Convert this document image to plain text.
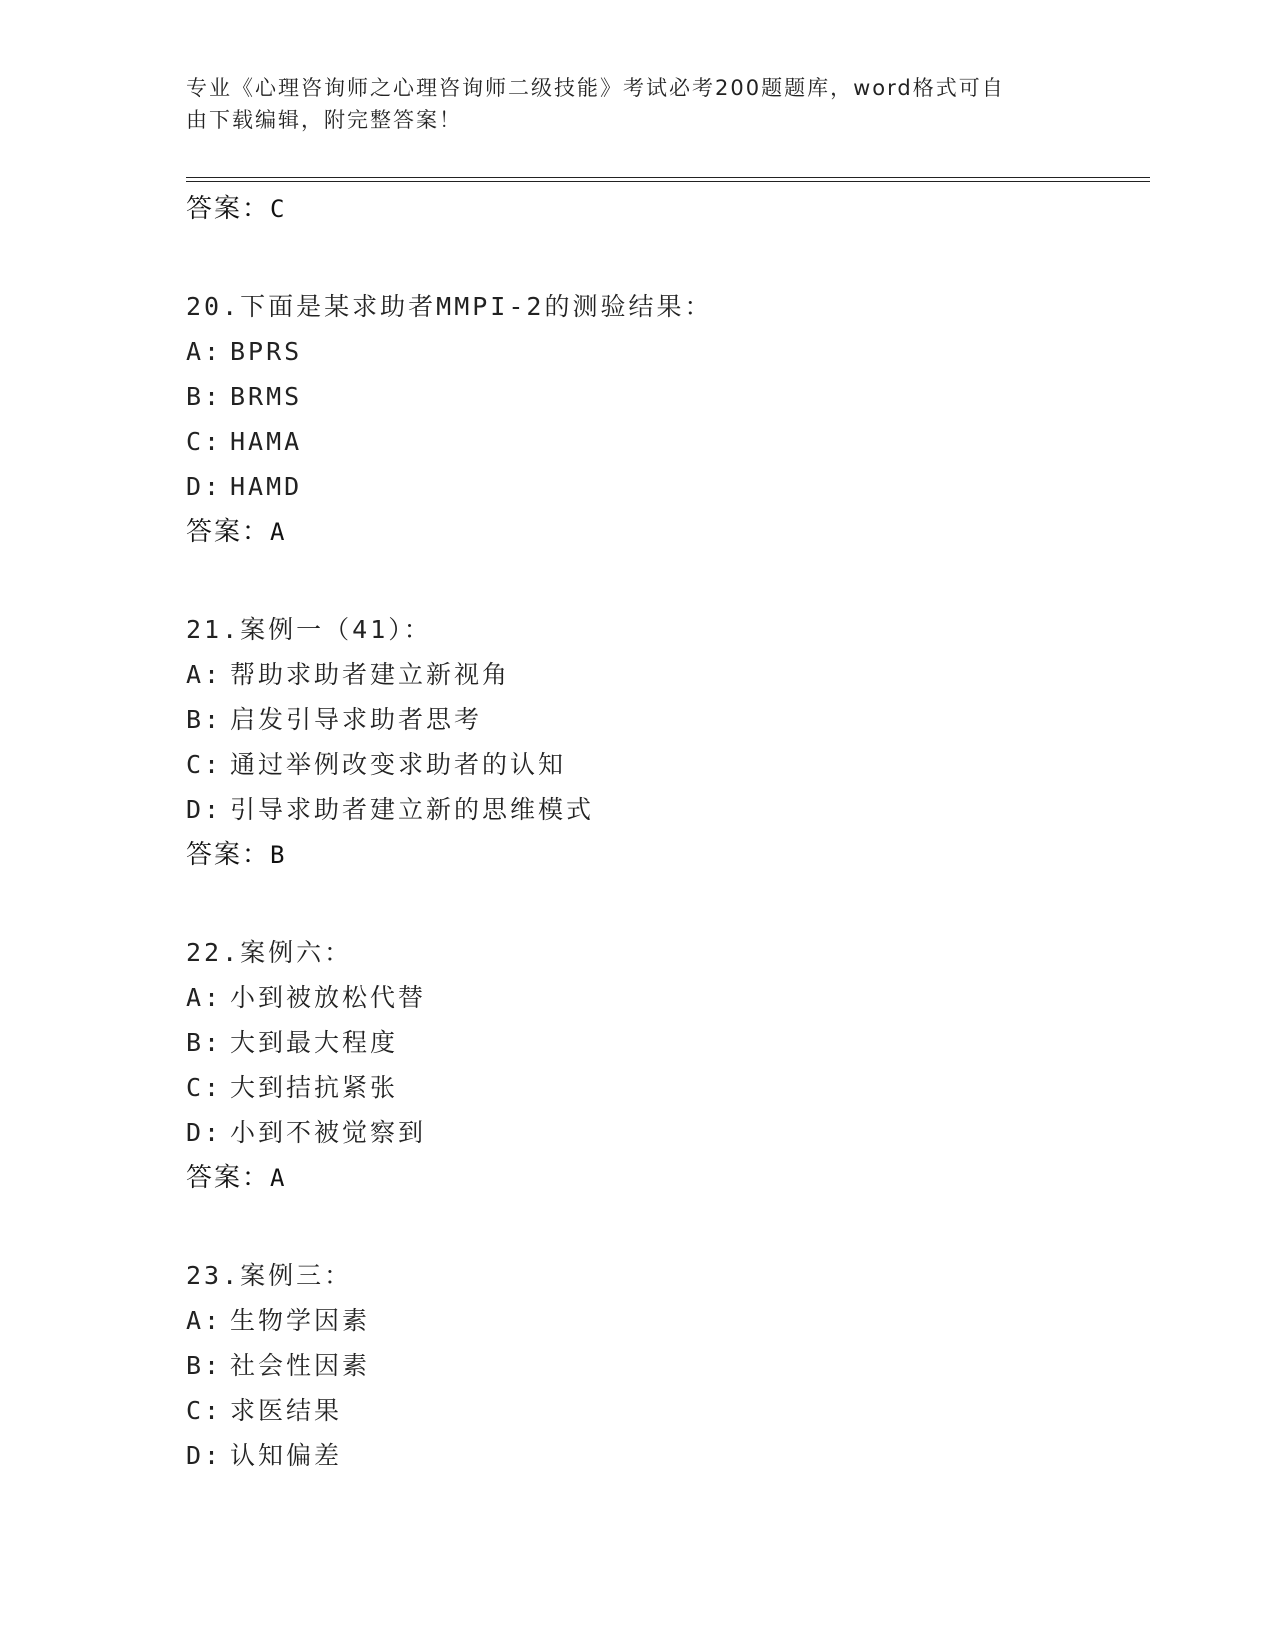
专业《心理咨询师之心理咨询师二级技能》考试必考200题题库，word格式可自
由下载编辑，附完整答案！
答案：C
20.下面是某求助者MMPI-2的测验结果：
A: BPRS
B: BRMS
C: HAMA
D: HAMD
答案：A
21.案例一（41）：
A: 帮助求助者建立新视角
B: 启发引导求助者思考
C: 通过举例改变求助者的认知
D: 引导求助者建立新的思维模式
答案：B
22.案例六：
A: 小到被放松代替
B: 大到最大程度
C: 大到拮抗紧张
D: 小到不被觉察到
答案：A
23.案例三：
A: 生物学因素
B: 社会性因素
C: 求医结果
D: 认知偏差
